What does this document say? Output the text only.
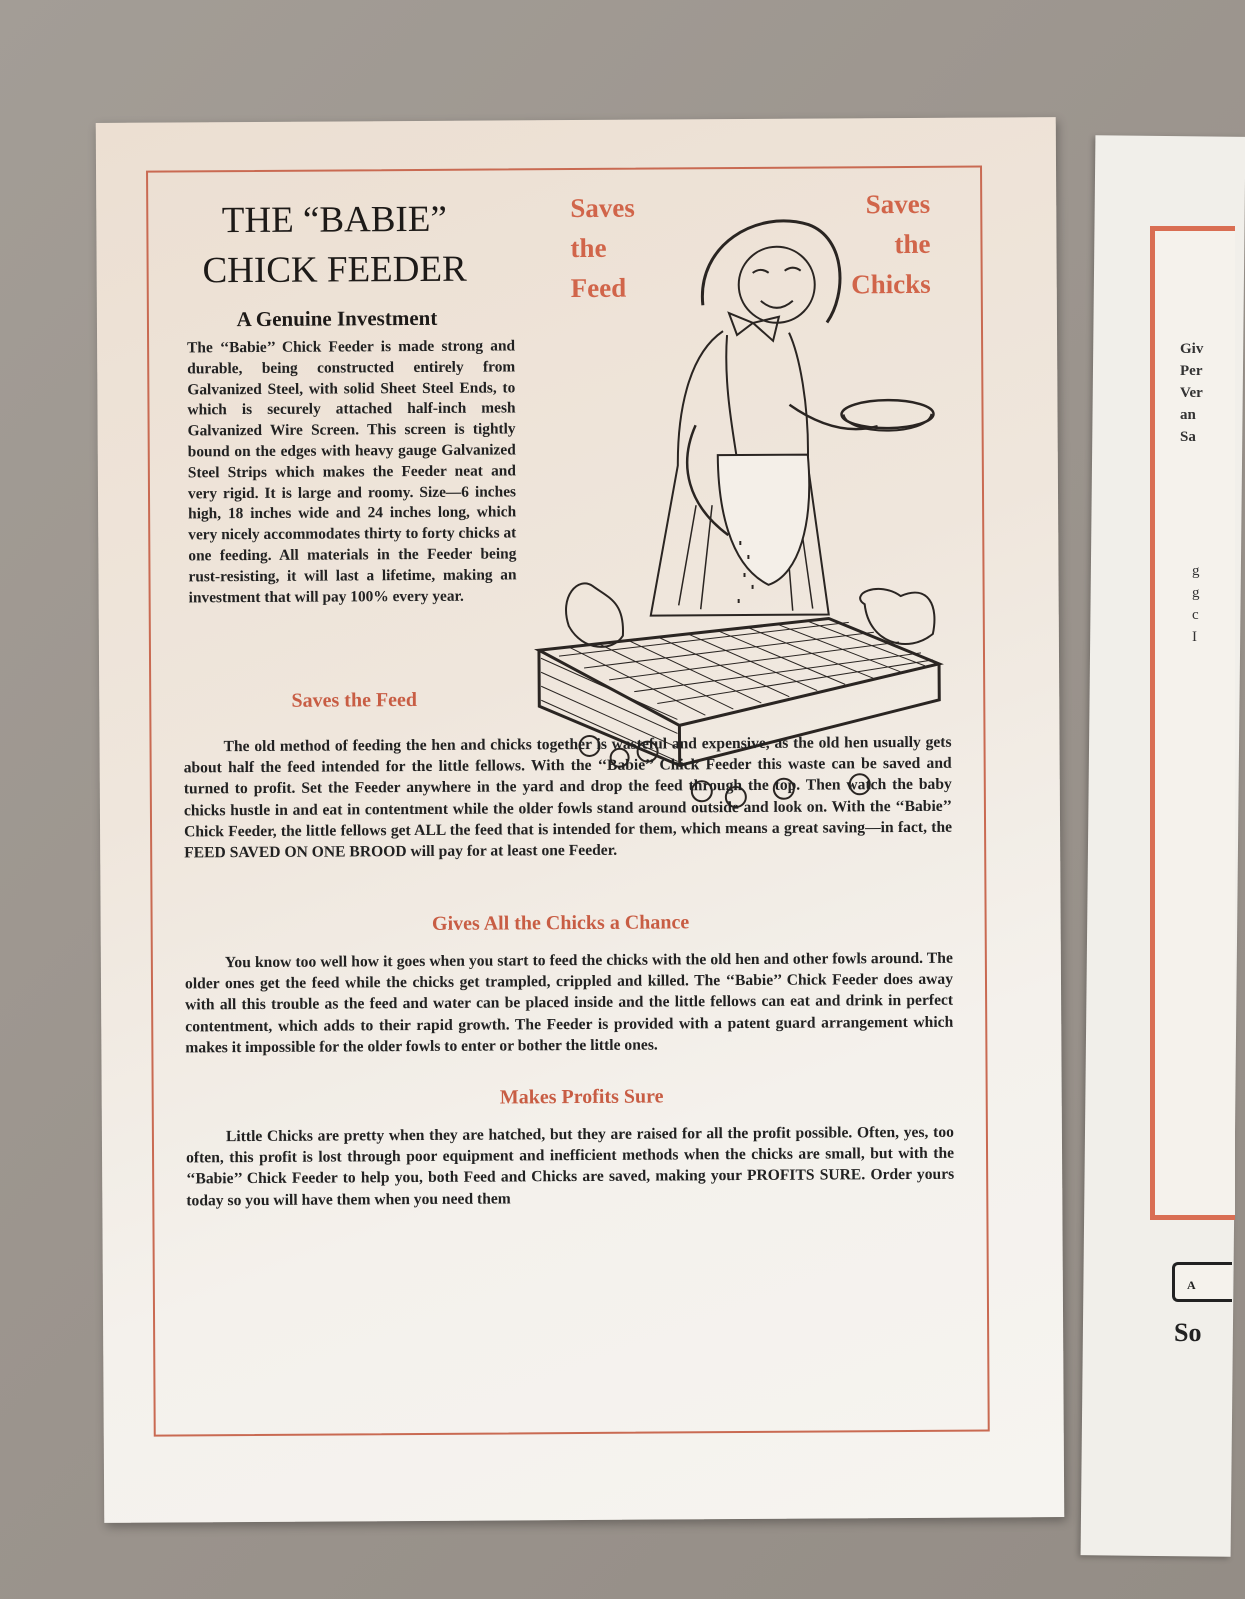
Giv
Per
Ver
an
Sa
g
g
c
I
A
So
THE “BABIE”
CHICK FEEDER
A Genuine Investment

The ‘‘Babie’’ Chick Feeder is made strong and durable, being constructed entirely from Galvanized Steel, with solid Sheet Steel Ends, to which is securely attached half-inch mesh Galvanized Wire Screen. This screen is tightly bound on the edges with heavy gauge Galvanized Steel Strips which makes the Feeder neat and very rigid. It is large and roomy. Size—6 inches high, 18 inches wide and 24 inches long, which very nicely accommodates thirty to forty chicks at one feeding. All materials in the Feeder being rust-resisting, it will last a lifetime, making an investment that will pay 100% every year.

Saves
the
Feed
Saves
the
Chicks
Saves the Feed

The old method of feeding the hen and chicks together is wasteful and expensive, as the old hen usually gets about half the feed intended for the little fellows. With the ‘‘Babie’’ Chick Feeder this waste can be saved and turned to profit. Set the Feeder anywhere in the yard and drop the feed through the top. Then watch the baby chicks hustle in and eat in contentment while the older fowls stand around outside and look on. With the ‘‘Babie’’ Chick Feeder, the little fellows get ALL the feed that is intended for them, which means a great saving—in fact, the FEED SAVED ON ONE BROOD will pay for at least one Feeder.

Gives All the Chicks a Chance

You know too well how it goes when you start to feed the chicks with the old hen and other fowls around. The older ones get the feed while the chicks get trampled, crippled and killed. The ‘‘Babie’’ Chick Feeder does away with all this trouble as the feed and water can be placed inside and the little fellows can eat and drink in perfect contentment, which adds to their rapid growth. The Feeder is provided with a patent guard arrangement which makes it impossible for the older fowls to enter or bother the little ones.

Makes Profits Sure

Little Chicks are pretty when they are hatched, but they are raised for all the profit possible. Often, yes, too often, this profit is lost through poor equipment and inefficient methods when the chicks are small, but with the ‘‘Babie’’ Chick Feeder to help you, both Feed and Chicks are saved, making your PROFITS SURE. Order yours today so you will have them when you need them
